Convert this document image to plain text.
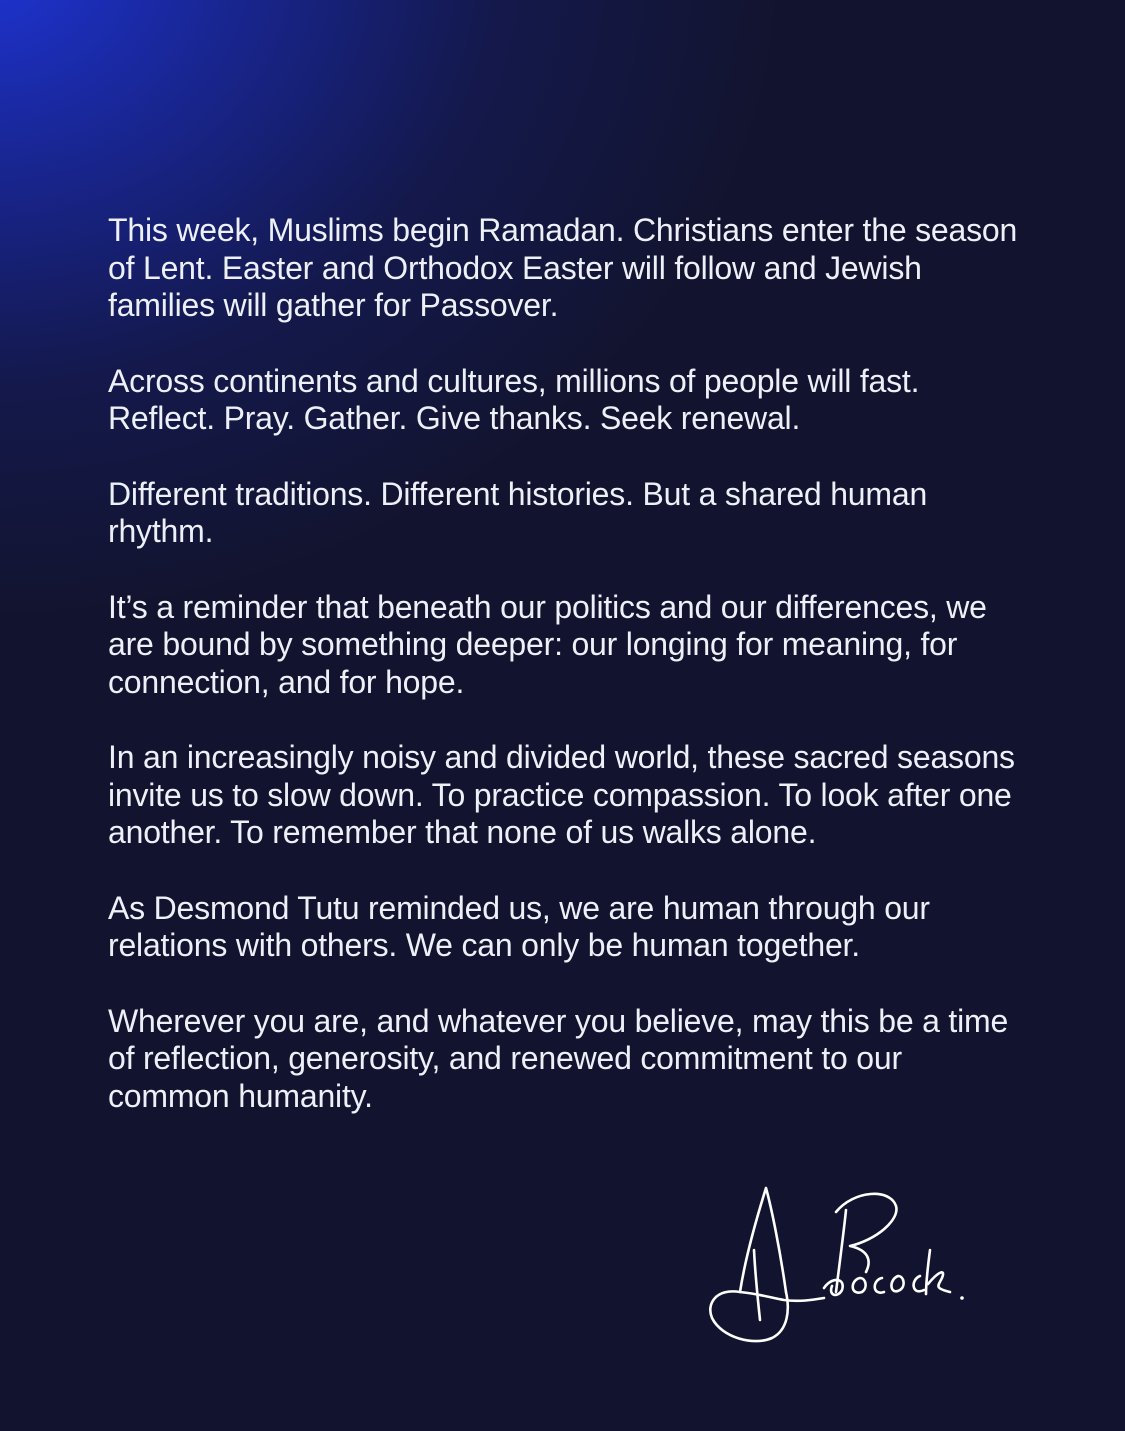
This week, Muslims begin Ramadan. Christians enter the season of Lent. Easter and Orthodox Easter will follow and Jewish families will gather for Passover.

Across continents and cultures, millions of people will fast. Reflect. Pray. Gather. Give thanks. Seek renewal.

Different traditions. Different histories. But a shared human rhythm.

It’s a reminder that beneath our politics and our differences, we are bound by something deeper: our longing for meaning, for connection, and for hope.

In an increasingly noisy and divided world, these sacred seasons invite us to slow down. To practice compassion. To look after one another. To remember that none of us walks alone.

As Desmond Tutu reminded us, we are human through our relations with others. We can only be human together.

Wherever you are, and whatever you believe, may this be a time of reflection, generosity, and renewed commitment to our common humanity.
